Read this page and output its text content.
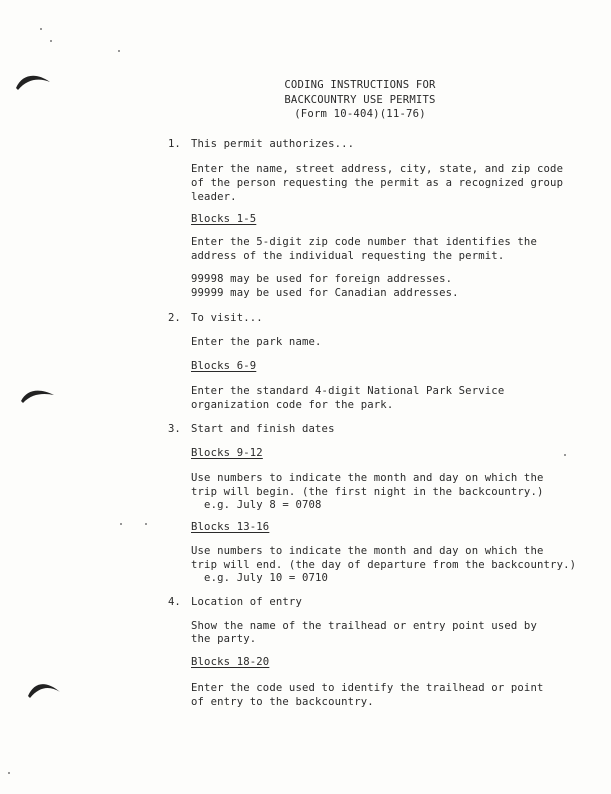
CODING INSTRUCTIONS FOR
BACKCOUNTRY USE PERMITS
(Form 10-404)(11-76)
1. This permit authorizes...
Enter the name, street address, city, state, and zip code
of the person requesting the permit as a recognized group
leader.
Blocks 1-5
Enter the 5-digit zip code number that identifies the
address of the individual requesting the permit.
99998 may be used for foreign addresses.
99999 may be used for Canadian addresses.
2. To visit...
Enter the park name.
Blocks 6-9
Enter the standard 4-digit National Park Service
organization code for the park.
3. Start and finish dates
Blocks 9-12
Use numbers to indicate the month and day on which the
trip will begin. (the first night in the backcountry.)
e.g. July 8 = 0708
Blocks 13-16
Use numbers to indicate the month and day on which the
trip will end. (the day of departure from the backcountry.)
e.g. July 10 = 0710
4. Location of entry
Show the name of the trailhead or entry point used by
the party.
Blocks 18-20
Enter the code used to identify the trailhead or point
of entry to the backcountry.
